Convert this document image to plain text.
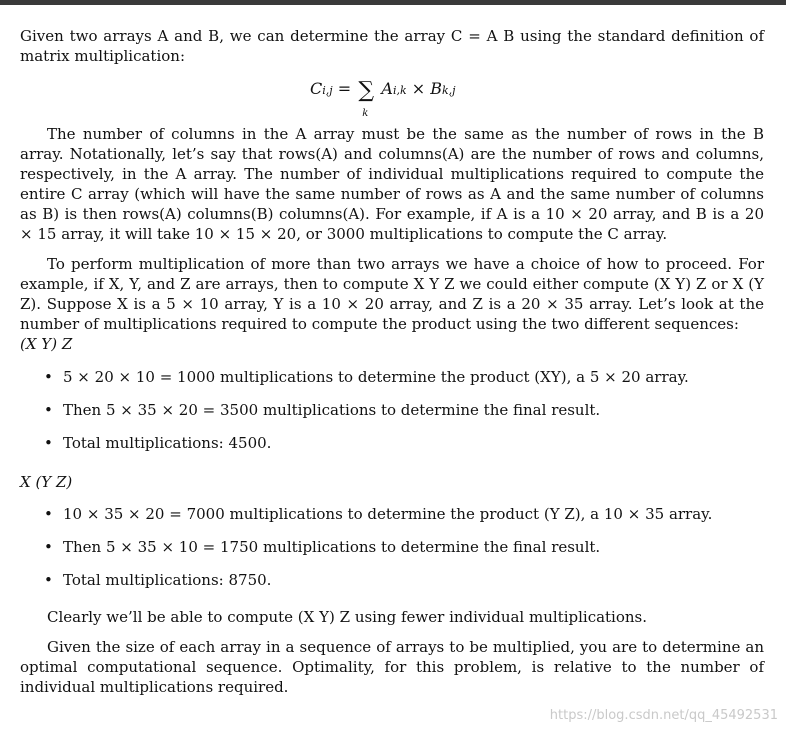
Given two arrays A and B, we can determine the array C = A B using the standard definition of matrix multiplication:

Ci,j = ∑
k
Ai,k × Bk,j

The number of columns in the A array must be the same as the number of rows in the B array. Notationally, let’s say that rows(A) and columns(A) are the number of rows and columns, respectively, in the A array. The number of individual multiplications required to compute the entire C array (which will have the same number of rows as A and the same number of columns as B) is then rows(A) columns(B) columns(A). For example, if A is a 10 × 20 array, and B is a 20 × 15 array, it will take 10 × 15 × 20, or 3000 multiplications to compute the C array.

To perform multiplication of more than two arrays we have a choice of how to proceed. For example, if X, Y, and Z are arrays, then to compute X Y Z we could either compute (X Y) Z or X (Y Z). Suppose X is a 5 × 10 array, Y is a 10 × 20 array, and Z is a 20 × 35 array. Let’s look at the number of multiplications required to compute the product using the two different sequences:

(X Y) Z

• 5 × 20 × 10 = 1000 multiplications to determine the product (XY), a 5 × 20 array.
• Then 5 × 35 × 20 = 3500 multiplications to determine the final result.
• Total multiplications: 4500.

X (Y Z)

• 10 × 35 × 20 = 7000 multiplications to determine the product (Y Z), a 10 × 35 array.
• Then 5 × 35 × 10 = 1750 multiplications to determine the final result.
• Total multiplications: 8750.

Clearly we’ll be able to compute (X Y) Z using fewer individual multiplications.

Given the size of each array in a sequence of arrays to be multiplied, you are to determine an optimal computational sequence. Optimality, for this problem, is relative to the number of individual multiplications required.

https://blog.csdn.net/qq_45492531
